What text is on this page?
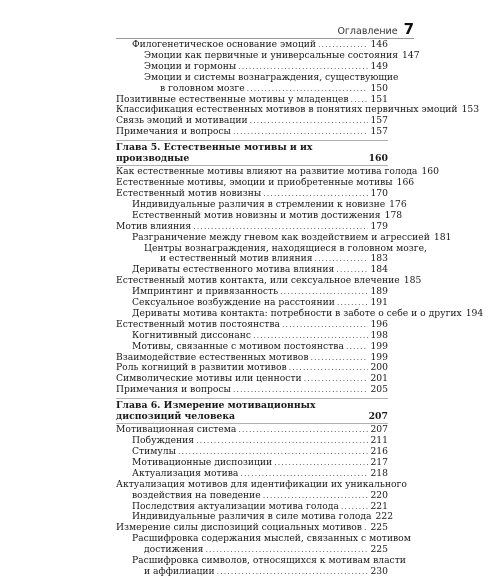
Оглавление 7
Филогенетическое основание эмоций .....	146
Эмоции как первичные и универсальные состояния 147
Эмоции и гормоны .....	149
Эмоции и системы вознаграждения, существующие
в головном мозге .....	150
Позитивные естественные мотивы у младенцев ..... 151
Классификация естественных мотивов в понятиях первичных эмоций 153
Связь эмоций и мотивации .....	157
Примечания и вопросы .....	157
Глава 5. Естественные мотивы и их производные	160
Как естественные мотивы влияют на развитие мотива голода 160
Естественные мотивы, эмоции и приобретенные мотивы 166
Естественный мотив новизны .....	170
Индивидуальные различия в стремлении к новизне 176
Естественный мотив новизны и мотив достижения 178
Мотив влияния .....	179
Разграничение между гневом как воздействием и агрессией 181
Центры вознаграждения, находящиеся в головном мозге,
и естественный мотив влияния .....	183
Дериваты естественного мотива влияния .....	184
Естественный мотив контакта, или сексуальное влечение 185
Импринтинг и привязанность .....	189
Сексуальное возбуждение на расстоянии .....	191
Дериваты мотива контакта: потребности в заботе о себе и о других 194
Естественный мотив постоянства .....	196
Когнитивный диссонанс .....	198
Мотивы, связанные с мотивом постоянства .....	199
Взаимодействие естественных мотивов .....	199
Роль когниций в развитии мотивов .....	200
Символические мотивы или ценности .....	201
Примечания и вопросы .....	205
Глава 6. Измерение мотивационных диспозиций человека	207
Мотивационная система .....	207
Побуждения .....	211
Стимулы .....	216
Мотивационные диспозиции .....	217
Актуализация мотива .....	218
Актуализация мотивов для идентификации их уникального
воздействия на поведение .....	220
Последствия актуализации мотива голода .....	221
Индивидуальные различия в силе мотива голода 222
Измерение силы диспозиций социальных мотивов ..... 225
Расшифровка содержания мыслей, связанных с мотивом
достижения .....	225
Расшифровка символов, относящихся к мотивам власти
и аффилиации .....	230
